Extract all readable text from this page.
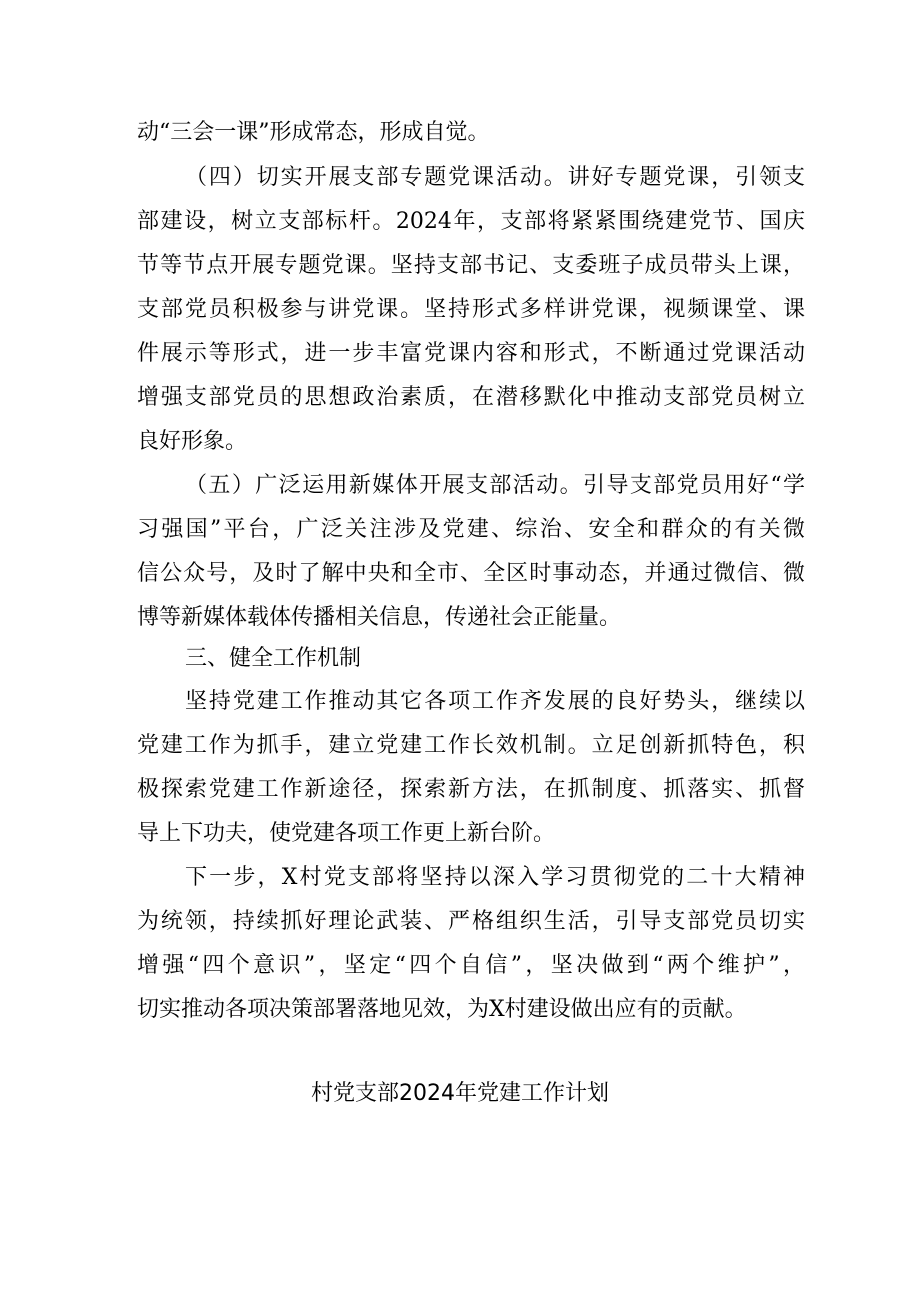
动“三会一课”形成常态，形成自觉。
（四）切实开展支部专题党课活动。讲好专题党课，引领支
部建设，树立支部标杆。2024年，支部将紧紧围绕建党节、国庆
节等节点开展专题党课。坚持支部书记、支委班子成员带头上课，
支部党员积极参与讲党课。坚持形式多样讲党课，视频课堂、课
件展示等形式，进一步丰富党课内容和形式，不断通过党课活动
增强支部党员的思想政治素质，在潜移默化中推动支部党员树立
良好形象。
（五）广泛运用新媒体开展支部活动。引导支部党员用好“学
习强国”平台，广泛关注涉及党建、综治、安全和群众的有关微
信公众号，及时了解中央和全市、全区时事动态，并通过微信、微
博等新媒体载体传播相关信息，传递社会正能量。
三、健全工作机制
坚持党建工作推动其它各项工作齐发展的良好势头，继续以
党建工作为抓手，建立党建工作长效机制。立足创新抓特色，积
极探索党建工作新途径，探索新方法，在抓制度、抓落实、抓督
导上下功夫，使党建各项工作更上新台阶。
下一步，X村党支部将坚持以深入学习贯彻党的二十大精神
为统领，持续抓好理论武装、严格组织生活，引导支部党员切实
增强“四个意识”，坚定“四个自信”，坚决做到“两个维护”，
切实推动各项决策部署落地见效，为X村建设做出应有的贡献。
村党支部2024年党建工作计划
